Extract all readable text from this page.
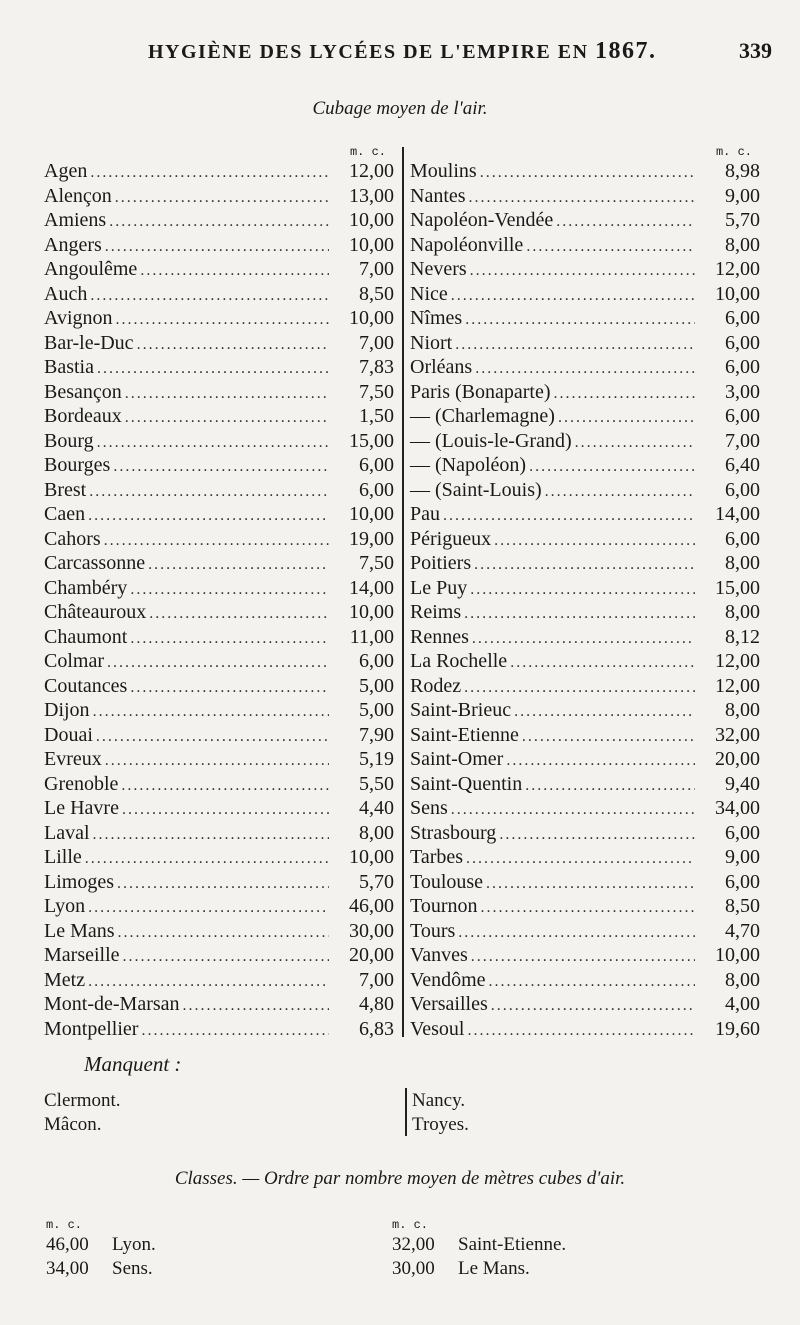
HYGIÈNE DES LYCÉES DE L'EMPIRE EN 1867.	339
Cubage moyen de l'air.
m. c.
Agen .....	12,00
Alençon .....	13,00
Amiens .....	10,00
Angers .....	10,00
Angoulême .....	7,00
Auch .....	8,50
Avignon .....	10,00
Bar-le-Duc .....	7,00
Bastia .....	7,83
Besançon .....	7,50
Bordeaux .....	1,50
Bourg .....	15,00
Bourges .....	6,00
Brest .....	6,00
Caen .....	10,00
Cahors .....	19,00
Carcassonne .....	7,50
Chambéry .....	14,00
Châteauroux .....	10,00
Chaumont .....	11,00
Colmar .....	6,00
Coutances .....	5,00
Dijon .....	5,00
Douai .....	7,90
Evreux .....	5,19
Grenoble .....	5,50
Le Havre .....	4,40
Laval .....	8,00
Lille .....	10,00
Limoges .....	5,70
Lyon .....	46,00
Le Mans .....	30,00
Marseille .....	20,00
Metz .....	7,00
Mont-de-Marsan .....	4,80
Montpellier .....	6,83
m. c.
Moulins .....	8,98
Nantes .....	9,00
Napoléon-Vendée .....	5,70
Napoléonville .....	8,00
Nevers .....	12,00
Nice .....	10,00
Nîmes .....	6,00
Niort .....	6,00
Orléans .....	6,00
Paris (Bonaparte) .....	3,00
— (Charlemagne) .....	6,00
— (Louis-le-Grand) .....	7,00
— (Napoléon) .....	6,40
— (Saint-Louis) .....	6,00
Pau .....	14,00
Périgueux .....	6,00
Poitiers .....	8,00
Le Puy .....	15,00
Reims .....	8,00
Rennes .....	8,12
La Rochelle .....	12,00
Rodez .....	12,00
Saint-Brieuc .....	8,00
Saint-Etienne .....	32,00
Saint-Omer .....	20,00
Saint-Quentin .....	9,40
Sens .....	34,00
Strasbourg .....	6,00
Tarbes .....	9,00
Toulouse .....	6,00
Tournon .....	8,50
Tours .....	4,70
Vanves .....	10,00
Vendôme .....	8,00
Versailles .....	4,00
Vesoul .....	19,60
Manquent :
Clermont.
Mâcon.
Nancy.
Troyes.
Classes. — Ordre par nombre moyen de mètres cubes d'air.
m. c.
46,00	Lyon.
34,00	Sens.
m. c.
32,00	Saint-Etienne.
30,00	Le Mans.
